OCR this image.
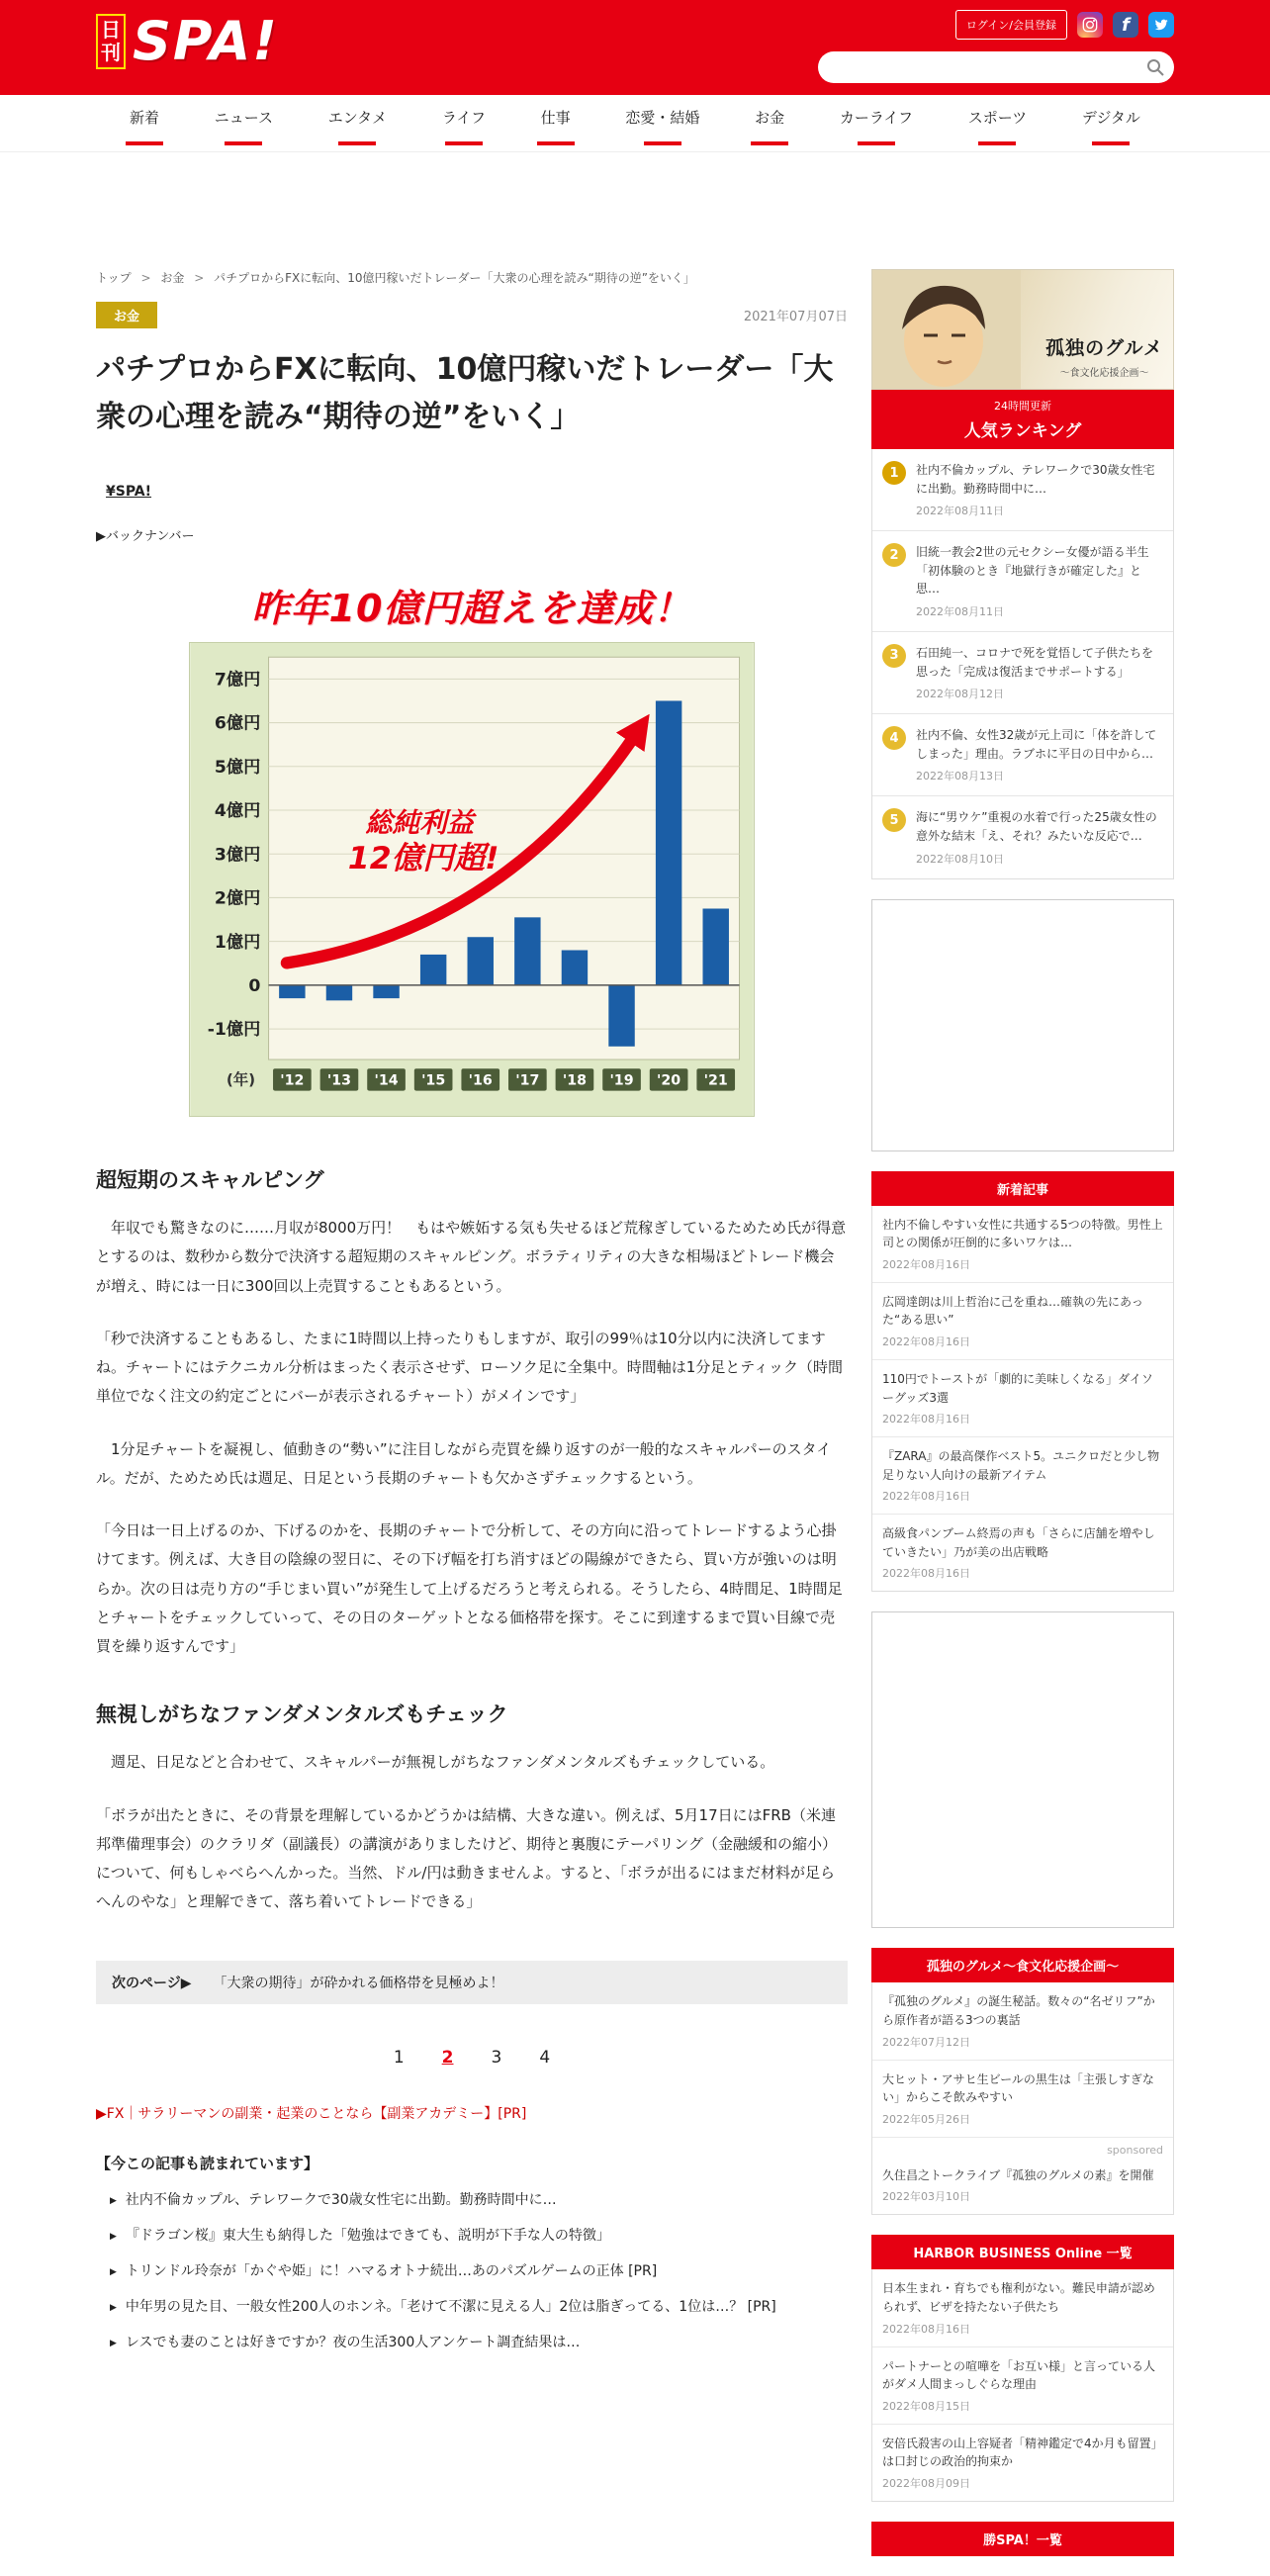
日刊 SPA!	ログイン/会員登録	f
新着	ニュース	エンタメ	ライフ	仕事	恋愛・結婚	お金	カーライフ	スポーツ	デジタル
トップ > お金 > パチプロからFXに転向、10億円稼いだトレーダー「大衆の心理を読み“期待の逆”をいく」
お金	2021年07月07日
パチプロからFXに転向、10億円稼いだトレーダー「大衆の心理を読み“期待の逆”をいく」
¥SPA!

▶バックナンバー
昨年10億円超えを達成！
7億円
6億円
5億円
4億円
3億円
2億円
1億円
0
-1億円
(年) '12 '13 '14 '15 '16 '17 '18 '19 '20 '21
総純利益
12億円超!
超短期のスキャルピング

　年収でも驚きなのに……月収が8000万円！　もはや嫉妬する気も失せるほど荒稼ぎしているためため氏が得意とするのは、数秒から数分で決済する超短期のスキャルピング。ボラティリティの大きな相場ほどトレード機会が増え、時には一日に300回以上売買することもあるという。

「秒で決済することもあるし、たまに1時間以上持ったりもしますが、取引の99％は10分以内に決済してますね。チャートにはテクニカル分析はまったく表示させず、ローソク足に全集中。時間軸は1分足とティック（時間単位でなく注文の約定ごとにバーが表示されるチャート）がメインです」

　1分足チャートを凝視し、値動きの“勢い”に注目しながら売買を繰り返すのが一般的なスキャルパーのスタイル。だが、ためため氏は週足、日足という長期のチャートも欠かさずチェックするという。

「今日は一日上げるのか、下げるのかを、長期のチャートで分析して、その方向に沿ってトレードするよう心掛けてます。例えば、大き目の陰線の翌日に、その下げ幅を打ち消すほどの陽線ができたら、買い方が強いのは明らか。次の日は売り方の“手じまい買い”が発生して上げるだろうと考えられる。そうしたら、4時間足、1時間足とチャートをチェックしていって、その日のターゲットとなる価格帯を探す。そこに到達するまで買い目線で売買を繰り返すんです」

無視しがちなファンダメンタルズもチェック

　週足、日足などと合わせて、スキャルパーが無視しがちなファンダメンタルズもチェックしている。

「ボラが出たときに、その背景を理解しているかどうかは結構、大きな違い。例えば、5月17日にはFRB（米連邦準備理事会）のクラリダ（副議長）の講演がありましたけど、期待と裏腹にテーパリング（金融緩和の縮小）について、何もしゃべらへんかった。当然、ドル/円は動きませんよ。すると、「ボラが出るにはまだ材料が足らへんのやな」と理解できて、落ち着いてトレードできる」

次のページ▶ 「大衆の期待」が砕かれる価格帯を見極めよ！
1 2 3 4
▶FX｜サラリーマンの副業・起業のことなら【副業アカデミー】[PR]
【今この記事も読まれています】
▶ 社内不倫カップル、テレワークで30歳女性宅に出勤。勤務時間中に…
▶ 『ドラゴン桜』東大生も納得した「勉強はできても、説明が下手な人の特徴」
▶ トリンドル玲奈が「かぐや姫」に！ハマるオトナ続出…あのパズルゲームの正体 [PR]
▶ 中年男の見た目、一般女性200人のホンネ。「老けて不潔に見える人」2位は脂ぎってる、1位は…？ [PR]
▶ レスでも妻のことは好きですか？夜の生活300人アンケート調査結果は…
孤独のグルメ
～食文化応援企画～
24時間更新
人気ランキング
1	社内不倫カップル、テレワークで30歳女性宅に出勤。勤務時間中に…
2022年08月11日
2	旧統一教会2世の元セクシー女優が語る半生「初体験のとき『地獄行きが確定した』と思…
2022年08月11日
3	石田純一、コロナで死を覚悟して子供たちを思った「完成は復活までサポートする」
2022年08月12日
4	社内不倫、女性32歳が元上司に「体を許してしまった」理由。ラブホに平日の日中から…
2022年08月13日
5	海に“男ウケ”重視の水着で行った25歳女性の意外な結末「え、それ？みたいな反応で…
2022年08月10日
新着記事
社内不倫しやすい女性に共通する5つの特徴。男性上司との関係が圧倒的に多いワケは…
2022年08月16日
広岡達朗は川上哲治に己を重ね…確執の先にあった“ある思い”
2022年08月16日
110円でトーストが「劇的に美味しくなる」ダイソーグッズ3選
2022年08月16日
『ZARA』の最高傑作ベスト5。ユニクロだと少し物足りない人向けの最新アイテム
2022年08月16日
高級食パンブーム終焉の声も「さらに店舗を増やしていきたい」乃が美の出店戦略
2022年08月16日
孤独のグルメ～食文化応援企画～
『孤独のグルメ』の誕生秘話。数々の“名ゼリフ”から原作者が語る3つの裏話
2022年07月12日
大ヒット・アサヒ生ビールの黒生は「主張しすぎない」からこそ飲みやすい
2022年05月26日
sponsored
久住昌之トークライブ『孤独のグルメの素』を開催
2022年03月10日
HARBOR BUSINESS Online 一覧
日本生まれ・育ちでも権利がない。難民申請が認められず、ビザを持たない子供たち
2022年08月16日
パートナーとの喧嘩を「お互い様」と言っている人がダメ人間まっしぐらな理由
2022年08月15日
安倍氏殺害の山上容疑者「精神鑑定で4か月も留置」は口封じの政治的拘束か
2022年08月09日
勝SPA！一覧
